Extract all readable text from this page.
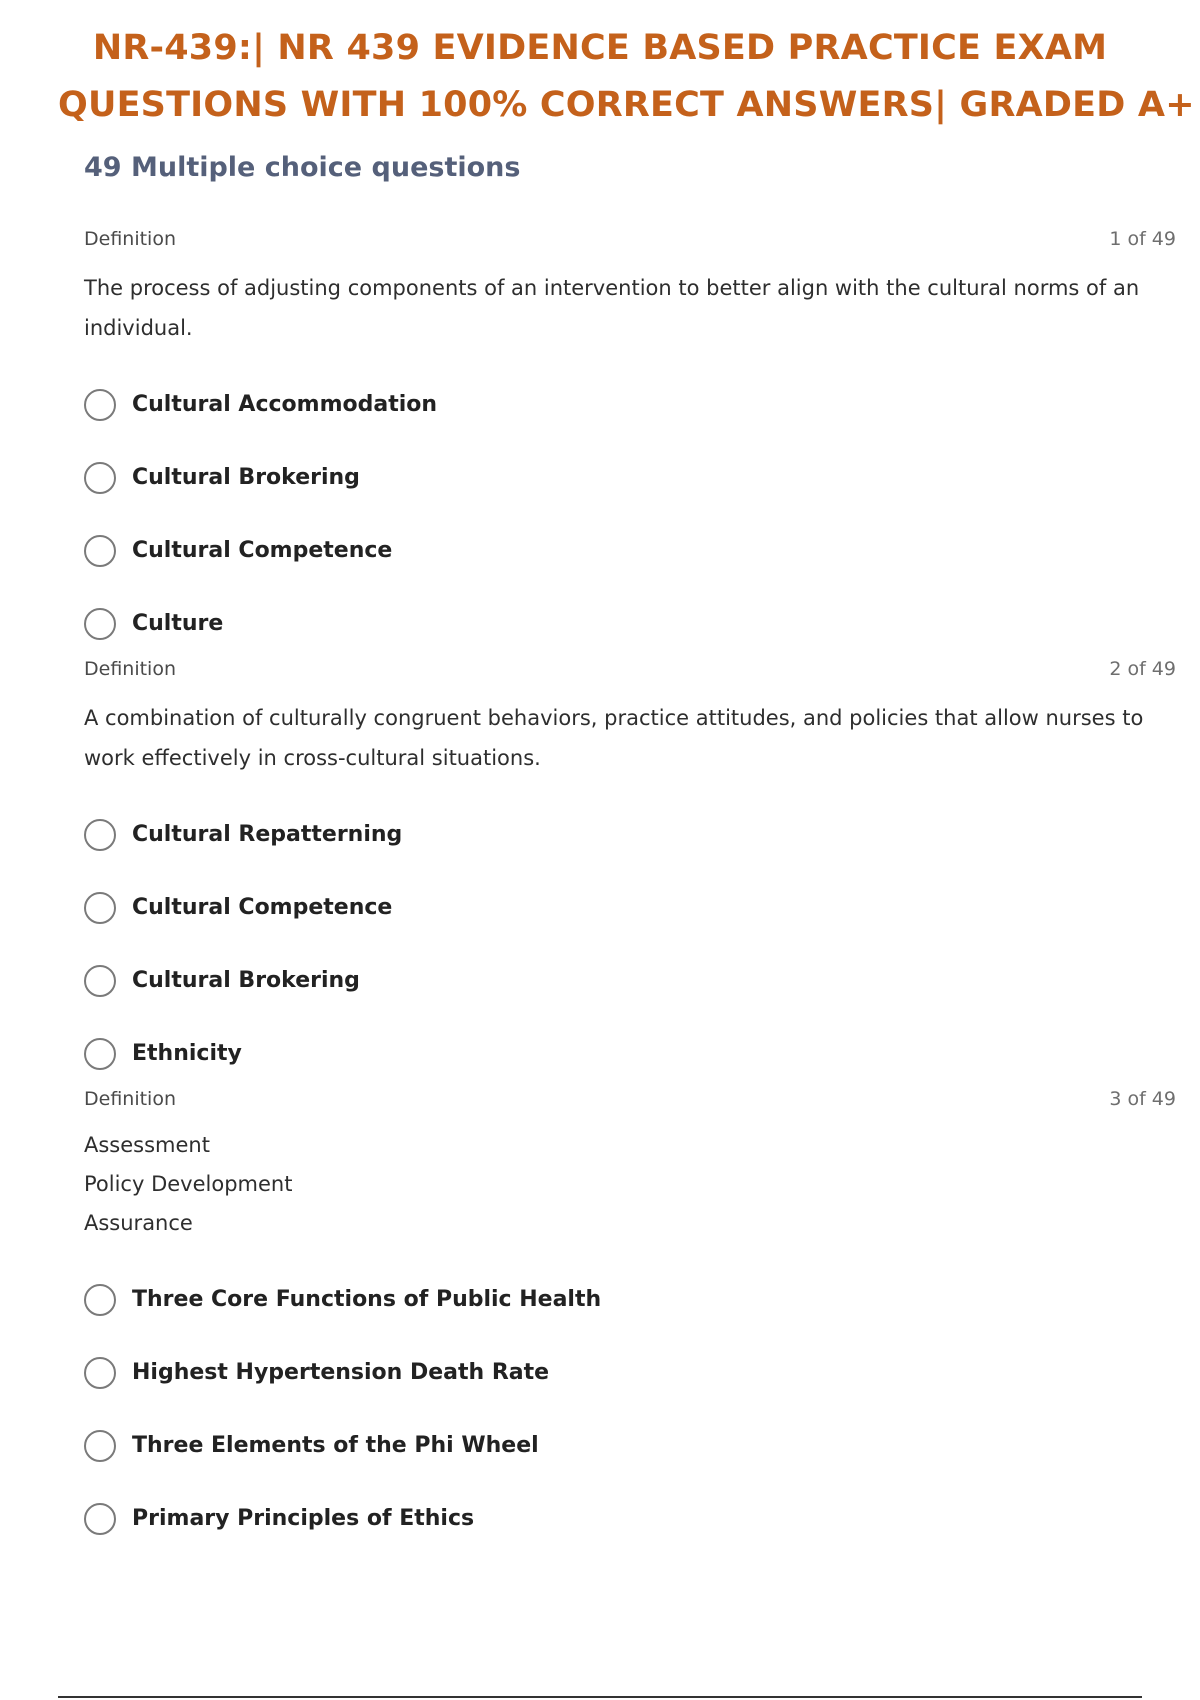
NR-439:| NR 439 EVIDENCE BASED PRACTICE EXAM
QUESTIONS WITH 100% CORRECT ANSWERS| GRADED A+
49 Multiple choice questions
Definition	1 of 49
The process of adjusting components of an intervention to better align with the cultural norms of an individual.
Cultural Accommodation
Cultural Brokering
Cultural Competence
Culture
Definition	2 of 49
A combination of culturally congruent behaviors, practice attitudes, and policies that allow nurses to work effectively in cross-cultural situations.
Cultural Repatterning
Cultural Competence
Cultural Brokering
Ethnicity
Definition	3 of 49
Assessment
Policy Development
Assurance
Three Core Functions of Public Health
Highest Hypertension Death Rate
Three Elements of the Phi Wheel
Primary Principles of Ethics
